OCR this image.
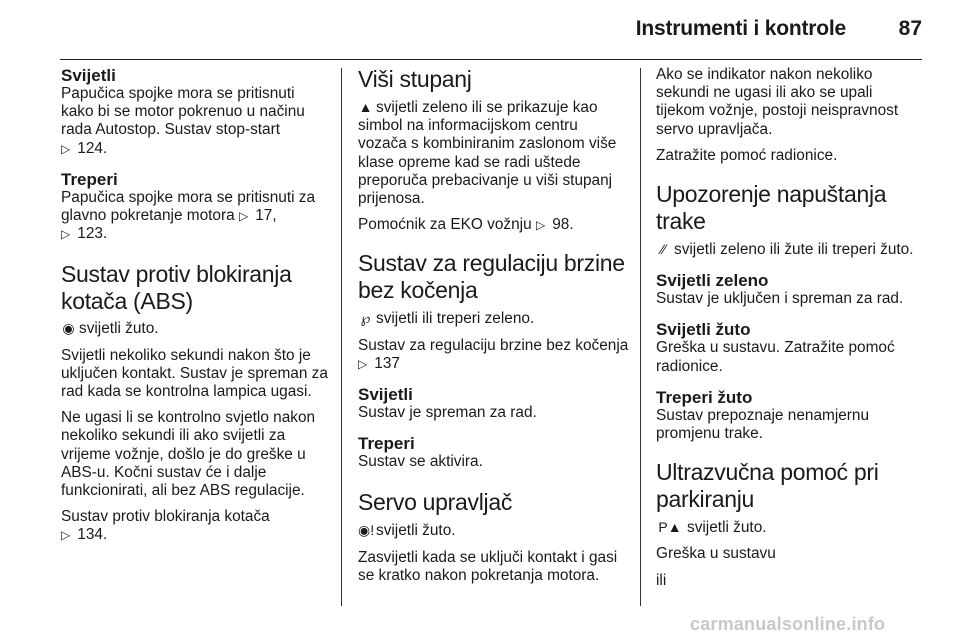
Instrumenti i kontrole	87
Svijetli

Papučica spojke mora se pritisnuti kako bi se motor pokrenuo u načinu rada Autostop. Sustav stop-start
▷ 124.

Treperi

Papučica spojke mora se pritisnuti za glavno pokretanje motora ▷ 17,
▷ 123.

Sustav protiv blokiranja kotača (ABS)

◉ svijetli žuto.

Svijetli nekoliko sekundi nakon što je uključen kontakt. Sustav je spreman za rad kada se kontrolna lampica ugasi.

Ne ugasi li se kontrolno svjetlo nakon nekoliko sekundi ili ako svijetli za vrijeme vožnje, došlo je do greške u ABS-u. Kočni sustav će i dalje funkcionirati, ali bez ABS regulacije.

Sustav protiv blokiranja kotača
▷ 134.

Viši stupanj

▲ svijetli zeleno ili se prikazuje kao simbol na informacijskom centru vozača s kombiniranim zaslonom više klase opreme kad se radi uštede preporuča prebacivanje u viši stupanj prijenosa.

Pomoćnik za EKO vožnju ▷ 98.

Sustav za regulaciju brzine bez kočenja

℘ svijetli ili treperi zeleno.

Sustav za regulaciju brzine bez kočenja ▷ 137

Svijetli

Sustav je spreman za rad.

Treperi

Sustav se aktivira.

Servo upravljač

◉! svijetli žuto.

Zasvijetli kada se uključi kontakt i gasi se kratko nakon pokretanja motora.

Ako se indikator nakon nekoliko sekundi ne ugasi ili ako se upali tijekom vožnje, postoji neispravnost servo upravljača.

Zatražite pomoć radionice.

Upozorenje napuštanja trake

⁄⁄ svijetli zeleno ili žute ili treperi žuto.

Svijetli zeleno

Sustav je uključen i spreman za rad.

Svijetli žuto

Greška u sustavu. Zatražite pomoć radionice.

Treperi žuto

Sustav prepoznaje nenamjernu promjenu trake.

Ultrazvučna pomoć pri parkiranju

P▲ svijetli žuto.

Greška u sustavu

ili

carmanualsonline.info
